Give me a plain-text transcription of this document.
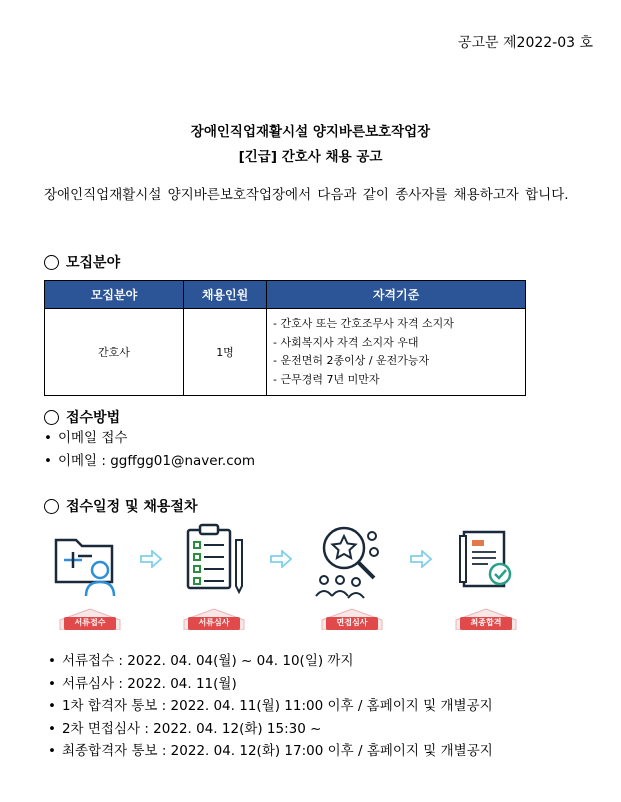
공고문 제2022-03 호
장애인직업재활시설 양지바른보호작업장
[긴급] 간호사 채용 공고
장애인직업재활시설 양지바른보호작업장에서 다음과 같이 종사자를 채용하고자 합니다.
모집분야
모집분야	채용인원	자격기준
간호사	1명	- 간호사 또는 간호조무사 자격 소지자
- 사회복지사 자격 소지자 우대
- 운전면허 2종이상 / 운전가능자
- 근무경력 7년 미만자
접수방법
• 이메일 접수
• 이메일 : ggffgg01@naver.com
접수일정 및 채용절차
서류접수	서류심사	면접심사	최종합격
• 서류접수 : 2022. 04. 04(월) ~ 04. 10(일) 까지
• 서류심사 : 2022. 04. 11(월)
• 1차 합격자 통보 : 2022. 04. 11(월) 11:00 이후 / 홈페이지 및 개별공지
• 2차 면접심사 : 2022. 04. 12(화) 15:30 ~
• 최종합격자 통보 : 2022. 04. 12(화) 17:00 이후 / 홈페이지 및 개별공지
